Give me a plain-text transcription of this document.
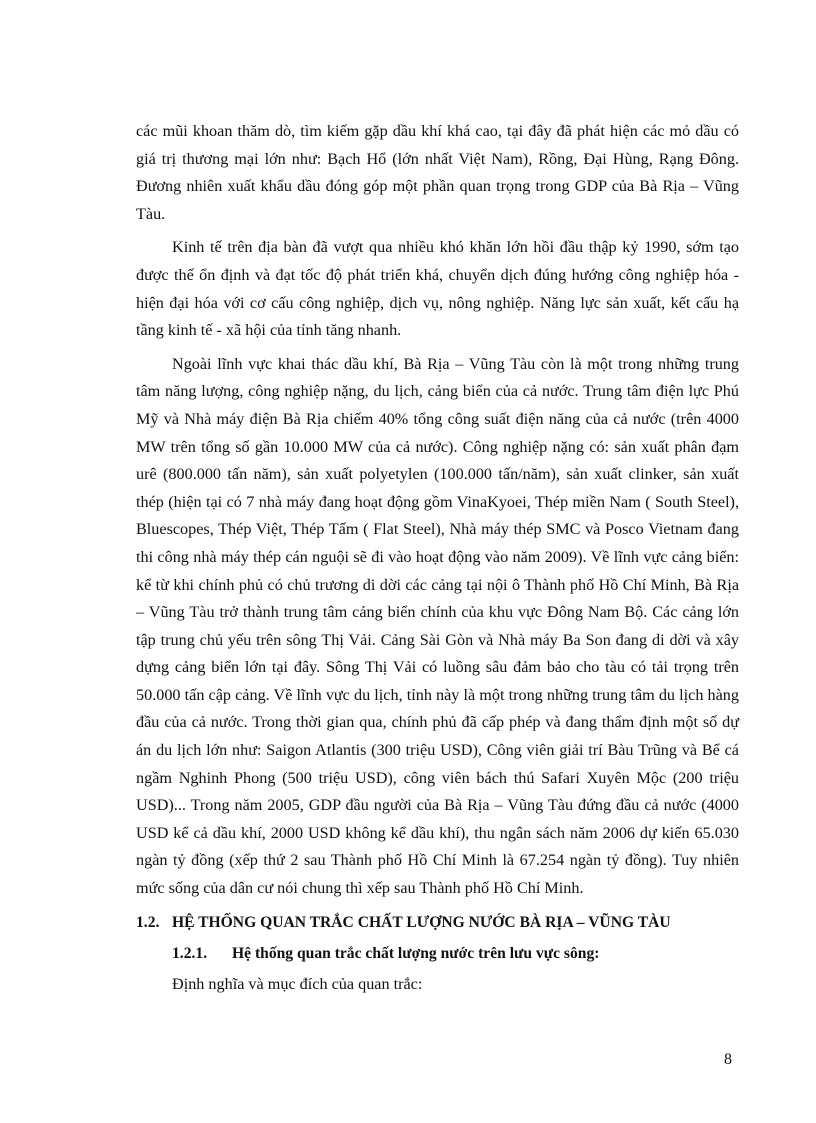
các mũi khoan thăm dò, tìm kiếm gặp dầu khí khá cao, tại đây đã phát hiện các mỏ dầu có giá trị thương mại lớn như: Bạch Hổ (lớn nhất Việt Nam), Rồng, Đại Hùng, Rạng Đông. Đương nhiên xuất khẩu dầu đóng góp một phần quan trọng trong GDP của Bà Rịa – Vũng Tàu.

Kinh tế trên địa bàn đã vượt qua nhiều khó khăn lớn hồi đầu thập kỷ 1990, sớm tạo được thế ổn định và đạt tốc độ phát triển khá, chuyển dịch đúng hướng công nghiệp hóa - hiện đại hóa với cơ cấu công nghiệp, dịch vụ, nông nghiệp. Năng lực sản xuất, kết cấu hạ tầng kinh tế - xã hội của tỉnh tăng nhanh.

Ngoài lĩnh vực khai thác dầu khí, Bà Rịa – Vũng Tàu còn là một trong những trung tâm năng lượng, công nghiệp nặng, du lịch, cảng biển của cả nước. Trung tâm điện lực Phú Mỹ và Nhà máy điện Bà Rịa chiếm 40% tổng công suất điện năng của cả nước (trên 4000 MW trên tổng số gần 10.000 MW của cả nước). Công nghiệp nặng có: sản xuất phân đạm urê (800.000 tấn năm), sản xuất polyetylen (100.000 tấn/năm), sản xuất clinker, sản xuất thép (hiện tại có 7 nhà máy đang hoạt động gồm VinaKyoei, Thép miền Nam ( South Steel), Bluescopes, Thép Việt, Thép Tấm ( Flat Steel), Nhà máy thép SMC và Posco Vietnam đang thi công nhà máy thép cán nguội sẽ đi vào hoạt động vào năm 2009). Về lĩnh vực cảng biển: kể từ khi chính phủ có chủ trương di dời các cảng tại nội ô Thành phố Hồ Chí Minh, Bà Rịa – Vũng Tàu trở thành trung tâm cảng biển chính của khu vực Đông Nam Bộ. Các cảng lớn tập trung chủ yếu trên sông Thị Vải. Cảng Sài Gòn và Nhà máy Ba Son đang di dời và xây dựng cảng biển lớn tại đây. Sông Thị Vải có luồng sâu đảm bảo cho tàu có tải trọng trên 50.000 tấn cập cảng. Về lĩnh vực du lịch, tỉnh này là một trong những trung tâm du lịch hàng đầu của cả nước. Trong thời gian qua, chính phủ đã cấp phép và đang thẩm định một số dự án du lịch lớn như: Saigon Atlantis (300 triệu USD), Công viên giải trí Bàu Trũng và Bể cá ngầm Nghinh Phong (500 triệu USD), công viên bách thú Safari Xuyên Mộc (200 triệu USD)... Trong năm 2005, GDP đầu người của Bà Rịa – Vũng Tàu đứng đầu cả nước (4000 USD kể cả dầu khí, 2000 USD không kể dầu khí), thu ngân sách năm 2006 dự kiến 65.030 ngàn tỷ đồng (xếp thứ 2 sau Thành phố Hồ Chí Minh là 67.254 ngàn tỷ đồng). Tuy nhiên mức sống của dân cư nói chung thì xếp sau Thành phố Hồ Chí Minh.

1.2. HỆ THỐNG QUAN TRẮC CHẤT LƯỢNG NƯỚC BÀ RỊA – VŨNG TÀU
1.2.1. Hệ thống quan trắc chất lượng nước trên lưu vực sông:

Định nghĩa và mục đích của quan trắc:

8
